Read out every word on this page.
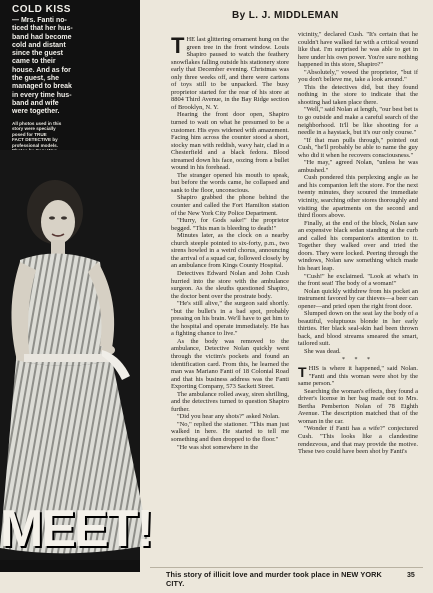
COLD KISS
— Mrs. Fanti no-
ticed that her hus-
band had become
cold and distant
since the guest
came to their
house. And as for
the guest, she
managed to break
in every time hus-
band and wife
were together.
All photos used in this
story were specially
posed for TRUE
FACT DETECTIVE by
professional models.

MEET!
By L. J. MIDDLEMAN
T HE last glittering ornament hung on the green tree in the front window. Louis Shapiro paused to watch the feathery snowflakes falling outside his stationery store early that December evening. Christmas was only three weeks off, and there were cartons of toys still to be unpacked. The busy proprietor started for the rear of his store at 8804 Third Avenue, in the Bay Ridge section of Brooklyn, N. Y.

Hearing the front door open, Shapiro turned to wait on what he presumed to be a customer. His eyes widened with amazement. Facing him across the counter stood a short, stocky man with reddish, wavy hair, clad in a Chesterfield and a black fedora. Blood streamed down his face, oozing from a bullet wound in his forehead.

The stranger opened his mouth to speak, but before the words came, he collapsed and sank to the floor, unconscious.

Shapiro grabbed the phone behind the counter and called the Fort Hamilton station of the New York City Police Department.

"Hurry, for Gods sake!" the proprietor begged. "This man is bleeding to death!"

Minutes later, as the clock on a nearby church steeple pointed to six-forty, p.m., two sirens howled in a weird chorus, announcing the arrival of a squad car, followed closely by an ambulance from Kings County Hospital.

Detectives Edward Nolan and John Cush hurried into the store with the ambulance surgeon. As the sleuths questioned Shapiro, the doctor bent over the prostrate body.

"He's still alive," the surgeon said shortly. "but the bullet's in a bad spot, probably pressing on his brain. We'll have to get him to the hospital and operate immediately. He has a fighting chance to live."

As the body was removed to the ambulance, Detective Nolan quickly went through the victim's pockets and found an identification card. From this, he learned the man was Mariano Fanti of 18 Colonial Road and that his business address was the Fanti Exporting Company, 573 Sackett Street.

The ambulance rolled away, siren shrilling, and the detectives turned to question Shapiro further.

"Did you hear any shots?" asked Nolan.

"No," replied the stationer. "This man just walked in here. He started to tell me something and then dropped to the floor."

"He was shot somewhere in the

vicinity," declared Cush. "It's certain that he couldn't have walked far with a critical wound like that. I'm surprised he was able to get in here under his own power. You're sure nothing happened in this store, Shapiro?"

"Absolutely," vowed the proprietor, "but if you don't believe me, take a look around."

This the detectives did, but they found nothing in the store to indicate that the shooting had taken place there.

"Well," said Nolan at length, "our best bet is to go outside and make a careful search of the neighborhood. It'll be like shooting for a needle in a haystack, but it's our only course."

"If that man pulls through," pointed out Cush, "he'll probably be able to name the guy who did it when he recovers consciousness."

"He may," agreed Nolan, "unless he was ambushed."

Cush pondered this perplexing angle as he and his companion left the store. For the next twenty minutes, they scoured the immediate vicinity, searching other stores thoroughly and visiting the apartments on the second and third floors above.

Finally, at the end of the block, Nolan saw an expensive black sedan standing at the curb and called his companion's attention to it. Together they walked over and tried the doors. They were locked. Peering through the windows, Nolan saw something which made his heart leap.

"Cush!" he exclaimed. "Look at what's in the front seat! The body of a woman!"

Nolan quickly withdrew from his pocket an instrument favored by car thieves—a beer can opener—and pried open the right front door.

Slumped down on the seat lay the body of a beautiful, voluptuous blonde in her early thirties. Her black seal-skin had been thrown back, and blood streams smeared the smart, tailored suit.

She was dead.

* * *
T HIS is where it happened," said Nolan. "Fanti and this woman were shot by the same person."

Searching the woman's effects, they found a driver's license in her bag made out to Mrs. Bertha Pemberton Nolan of 78 Eighth Avenue. The description matched that of the woman in the car.

"Wonder if Fanti has a wife?" conjectured Cush. "This looks like a clandestine rendezvous, and that may provide the motive. These two could have been shot by Fanti's

This story of illicit love and murder took place in NEW YORK CITY.
35
